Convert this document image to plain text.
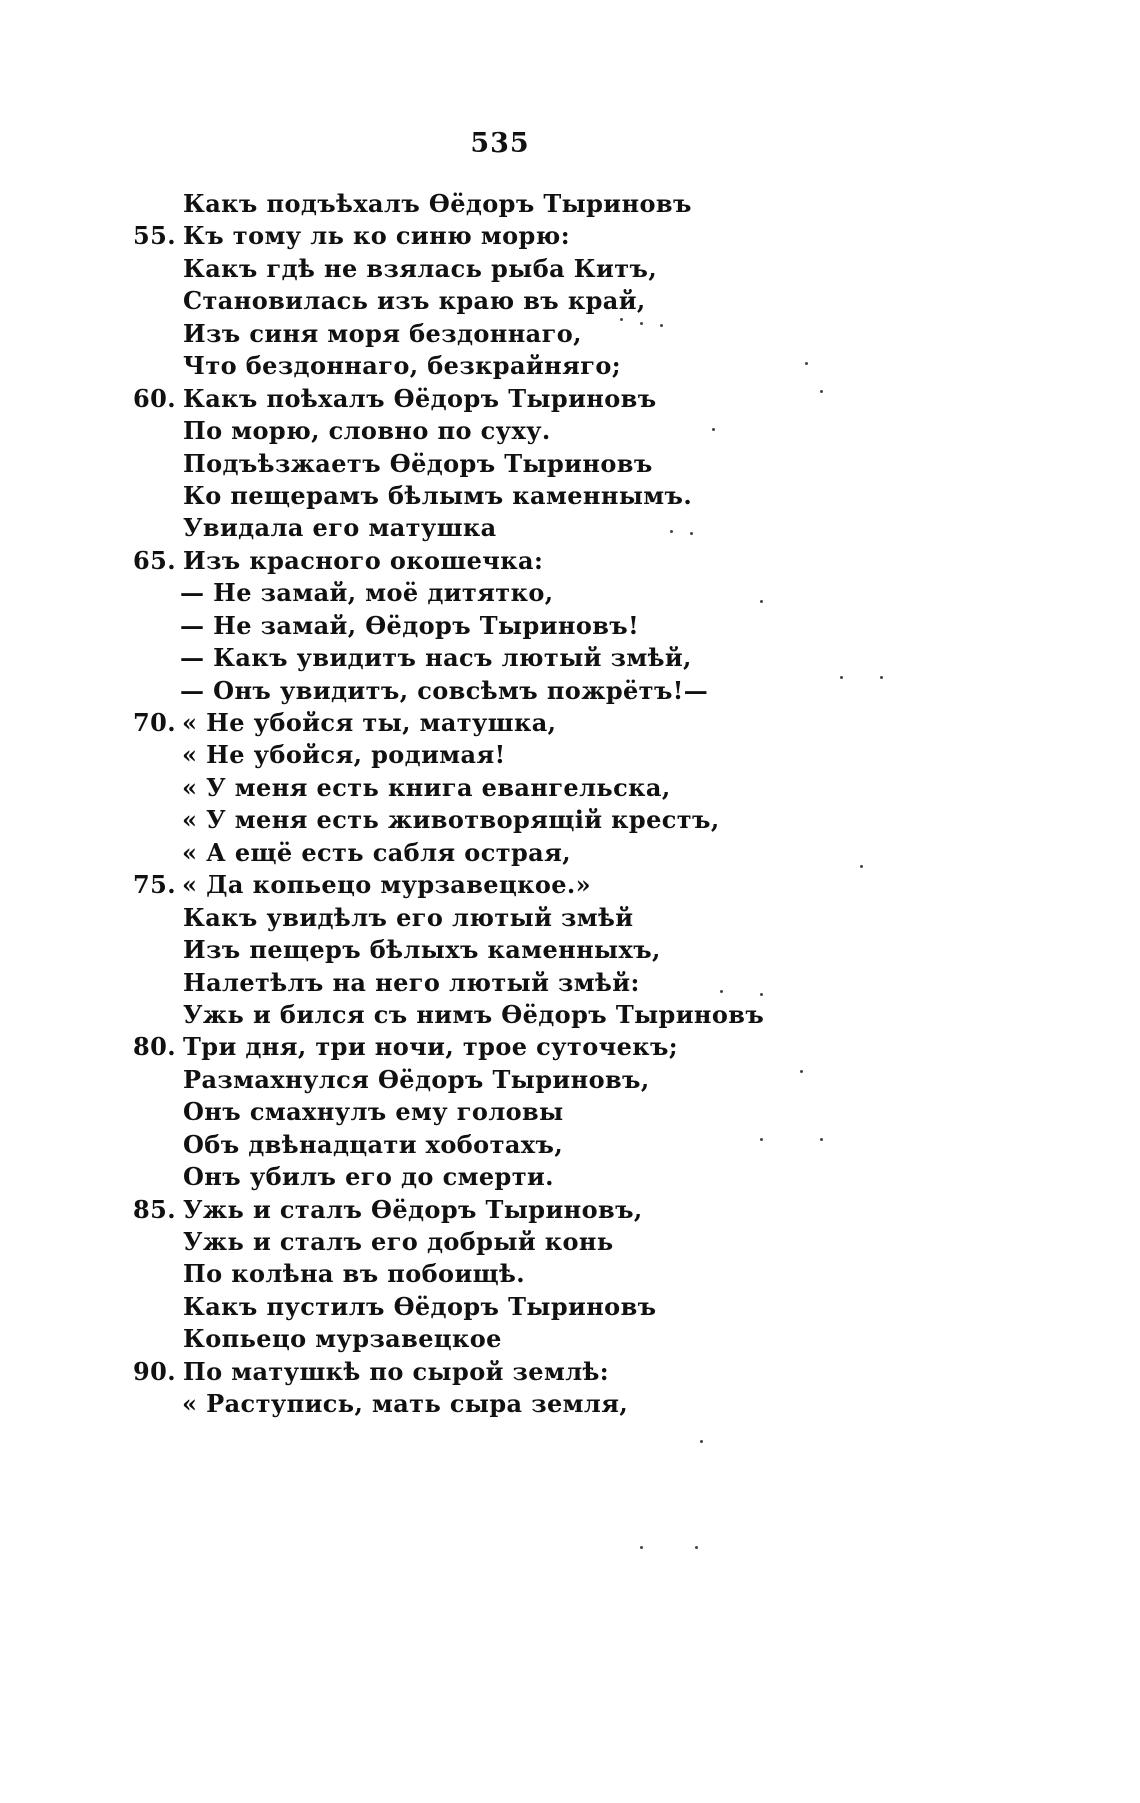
535
Какъ подъѣхалъ Ѳёдоръ Тыриновъ
55. Къ тому ль ко синю морю:
Какъ гдѣ не взялась рыба Китъ,
Становилась изъ краю въ край,
Изъ синя моря бездоннаго,
Что бездоннаго, безкрайняго;
60. Какъ поѣхалъ Ѳёдоръ Тыриновъ
По морю, словно по суху.
Подъѣзжаетъ Ѳёдоръ Тыриновъ
Ко пещерамъ бѣлымъ каменнымъ.
Увидала его матушка
65. Изъ красного окошечка:
— Не замай, моё дитятко,
— Не замай, Ѳёдоръ Тыриновъ!
— Какъ увидитъ насъ лютый змѣй,
— Онъ увидитъ, совсѣмъ пожрётъ!—
70. « Не убойся ты, матушка,
« Не убойся, родимая!
« У меня есть книга евангельска,
« У меня есть животворящій крестъ,
« А ещё есть сабля острая,
75. « Да копьецо мурзавецкое.»
Какъ увидѣлъ его лютый змѣй
Изъ пещеръ бѣлыхъ каменныхъ,
Налетѣлъ на него лютый змѣй:
Ужь и бился съ нимъ Ѳёдоръ Тыриновъ
80. Три дня, три ночи, трое суточекъ;
Размахнулся Ѳёдоръ Тыриновъ,
Онъ смахнулъ ему головы
Объ двѣнадцати хоботахъ,
Онъ убилъ его до смерти.
85. Ужь и сталъ Ѳёдоръ Тыриновъ,
Ужь и сталъ его добрый конь
По колѣна въ побоищѣ.
Какъ пустилъ Ѳёдоръ Тыриновъ
Копьецо мурзавецкое
90. По матушкѣ по сырой землѣ:
« Раступись, мать сыра земля,
